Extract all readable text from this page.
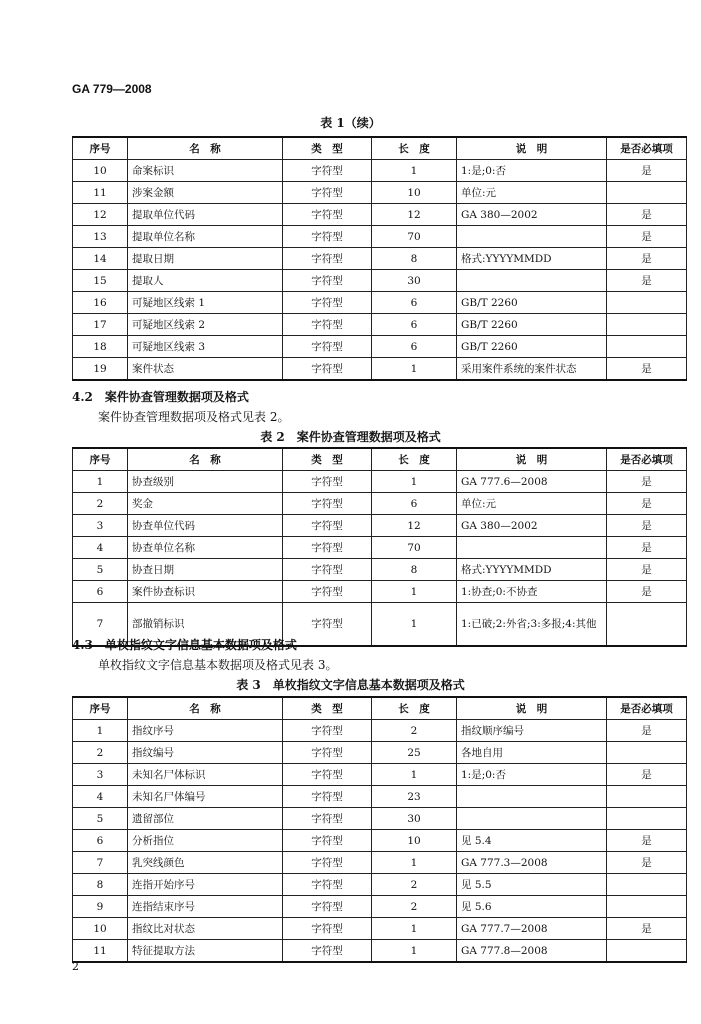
GA 779—2008
表 1（续）
序号	名　称	类　型	长　度	说　明	是否必填项
10	命案标识	字符型	1	1:是;0:否	是
11	涉案金额	字符型	10	单位:元	
12	提取单位代码	字符型	12	GA 380—2002	是
13	提取单位名称	字符型	70		是
14	提取日期	字符型	8	格式:YYYYMMDD	是
15	提取人	字符型	30		是
16	可疑地区线索 1	字符型	6	GB/T 2260	
17	可疑地区线索 2	字符型	6	GB/T 2260	
18	可疑地区线索 3	字符型	6	GB/T 2260	
19	案件状态	字符型	1	采用案件系统的案件状态	是
4.2　案件协查管理数据项及格式
案件协查管理数据项及格式见表 2。
表 2　案件协查管理数据项及格式
序号	名　称	类　型	长　度	说　明	是否必填项
1	协查级别	字符型	1	GA 777.6—2008	是
2	奖金	字符型	6	单位:元	是
3	协查单位代码	字符型	12	GA 380—2002	是
4	协查单位名称	字符型	70		是
5	协查日期	字符型	8	格式:YYYYMMDD	是
6	案件协查标识	字符型	1	1:协查;0:不协查	是
7	部撤销标识	字符型	1	1:已破;2:外省;3:多报;4:其他	
4.3　单枚指纹文字信息基本数据项及格式
单枚指纹文字信息基本数据项及格式见表 3。
表 3　单枚指纹文字信息基本数据项及格式
序号	名　称	类　型	长　度	说　明	是否必填项
1	指纹序号	字符型	2	指纹顺序编号	是
2	指纹编号	字符型	25	各地自用	
3	未知名尸体标识	字符型	1	1:是;0:否	是
4	未知名尸体编号	字符型	23		
5	遗留部位	字符型	30		
6	分析指位	字符型	10	见 5.4	是
7	乳突线颜色	字符型	1	GA 777.3—2008	是
8	连指开始序号	字符型	2	见 5.5	
9	连指结束序号	字符型	2	见 5.6	
10	指纹比对状态	字符型	1	GA 777.7—2008	是
11	特征提取方法	字符型	1	GA 777.8—2008	
2
